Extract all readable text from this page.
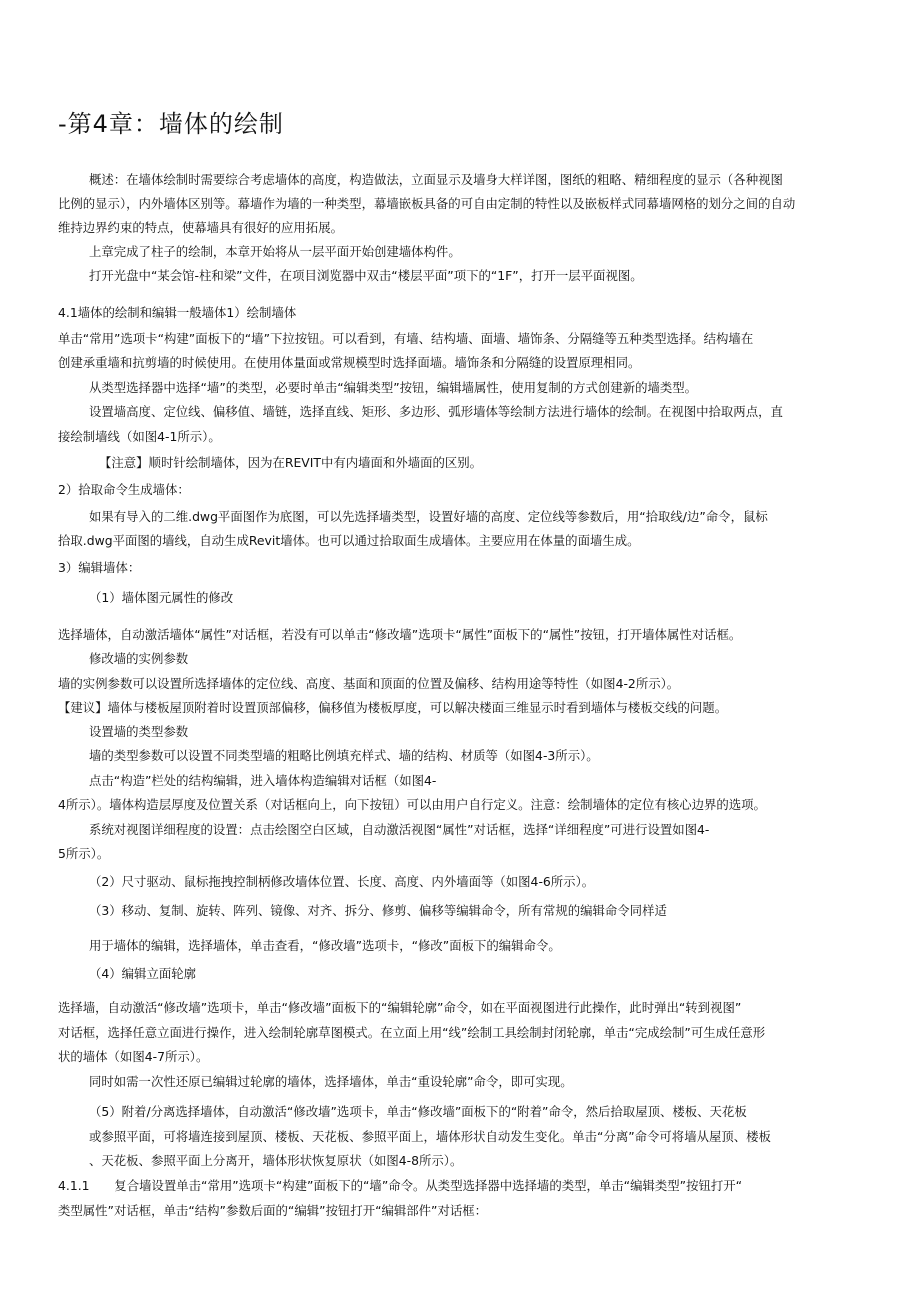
-第4章：墙体的绘制
概述：在墙体绘制时需要综合考虑墙体的高度，构造做法，立面显示及墙身大样详图，图纸的粗略、精细程度的显示（各种视图
比例的显示），内外墙体区别等。幕墙作为墙的一种类型，幕墙嵌板具备的可自由定制的特性以及嵌板样式同幕墙网格的划分之间的自动
维持边界约束的特点，使幕墙具有很好的应用拓展。
上章完成了柱子的绘制，本章开始将从一层平面开始创建墙体构件。
打开光盘中“某会馆-柱和梁”文件，在项目浏览器中双击“楼层平面”项下的“1F”，打开一层平面视图。
4.1墙体的绘制和编辑一般墙体1）绘制墙体
单击“常用”选项卡“构建”面板下的“墙”下拉按钮。可以看到，有墙、结构墙、面墙、墙饰条、分隔缝等五种类型选择。结构墙在
创建承重墙和抗剪墙的时候使用。在使用体量面或常规模型时选择面墙。墙饰条和分隔缝的设置原理相同。
从类型选择器中选择“墙”的类型，必要时单击“编辑类型”按钮，编辑墙属性，使用复制的方式创建新的墙类型。
设置墙高度、定位线、偏移值、墙链，选择直线、矩形、多边形、弧形墙体等绘制方法进行墙体的绘制。在视图中拾取两点，直
接绘制墙线（如图4-1所示）。
【注意】顺时针绘制墙体，因为在REVIT中有内墙面和外墙面的区别。
2）拾取命令生成墙体：
如果有导入的二维.dwg平面图作为底图，可以先选择墙类型，设置好墙的高度、定位线等参数后，用“拾取线/边”命令，鼠标
拾取.dwg平面图的墙线，自动生成Revit墙体。也可以通过拾取面生成墙体。主要应用在体量的面墙生成。
3）编辑墙体：
（1）墙体图元属性的修改
选择墙体，自动激活墙体“属性”对话框，若没有可以单击“修改墙”选项卡“属性”面板下的“属性”按钮，打开墙体属性对话框。
修改墙的实例参数
墙的实例参数可以设置所选择墙体的定位线、高度、基面和顶面的位置及偏移、结构用途等特性（如图4-2所示）。
【建议】墙体与楼板屋顶附着时设置顶部偏移，偏移值为楼板厚度，可以解决楼面三维显示时看到墙体与楼板交线的问题。
设置墙的类型参数
墙的类型参数可以设置不同类型墙的粗略比例填充样式、墙的结构、材质等（如图4-3所示）。
点击“构造”栏处的结构编辑，进入墙体构造编辑对话框（如图4-
4所示）。墙体构造层厚度及位置关系（对话框向上，向下按钮）可以由用户自行定义。注意：绘制墙体的定位有核心边界的选项。
系统对视图详细程度的设置：点击绘图空白区域，自动激活视图“属性”对话框，选择“详细程度”可进行设置如图4-
5所示）。
（2）尺寸驱动、鼠标拖拽控制柄修改墙体位置、长度、高度、内外墙面等（如图4-6所示）。
（3）移动、复制、旋转、阵列、镜像、对齐、拆分、修剪、偏移等编辑命令，所有常规的编辑命令同样适
用于墙体的编辑，选择墙体，单击查看，“修改墙”选项卡，“修改”面板下的编辑命令。
（4）编辑立面轮廓
选择墙，自动激活“修改墙”选项卡，单击“修改墙”面板下的“编辑轮廓”命令，如在平面视图进行此操作，此时弹出“转到视图”
对话框，选择任意立面进行操作，进入绘制轮廓草图模式。在立面上用“线”绘制工具绘制封闭轮廓，单击“完成绘制”可生成任意形
状的墙体（如图4-7所示）。
同时如需一次性还原已编辑过轮廓的墙体，选择墙体，单击“重设轮廓”命令，即可实现。
（5）附着/分离选择墙体，自动激活“修改墙”选项卡，单击“修改墙”面板下的“附着”命令，然后拾取屋顶、楼板、天花板
或参照平面，可将墙连接到屋顶、楼板、天花板、参照平面上，墙体形状自动发生变化。单击“分离”命令可将墙从屋顶、楼板
、天花板、参照平面上分离开，墙体形状恢复原状（如图4-8所示）。
4.1.1　　复合墙设置单击“常用”选项卡“构建”面板下的“墙”命令。从类型选择器中选择墙的类型，单击“编辑类型”按钮打开“
类型属性”对话框，单击“结构”参数后面的“编辑”按钮打开“编辑部件”对话框：
